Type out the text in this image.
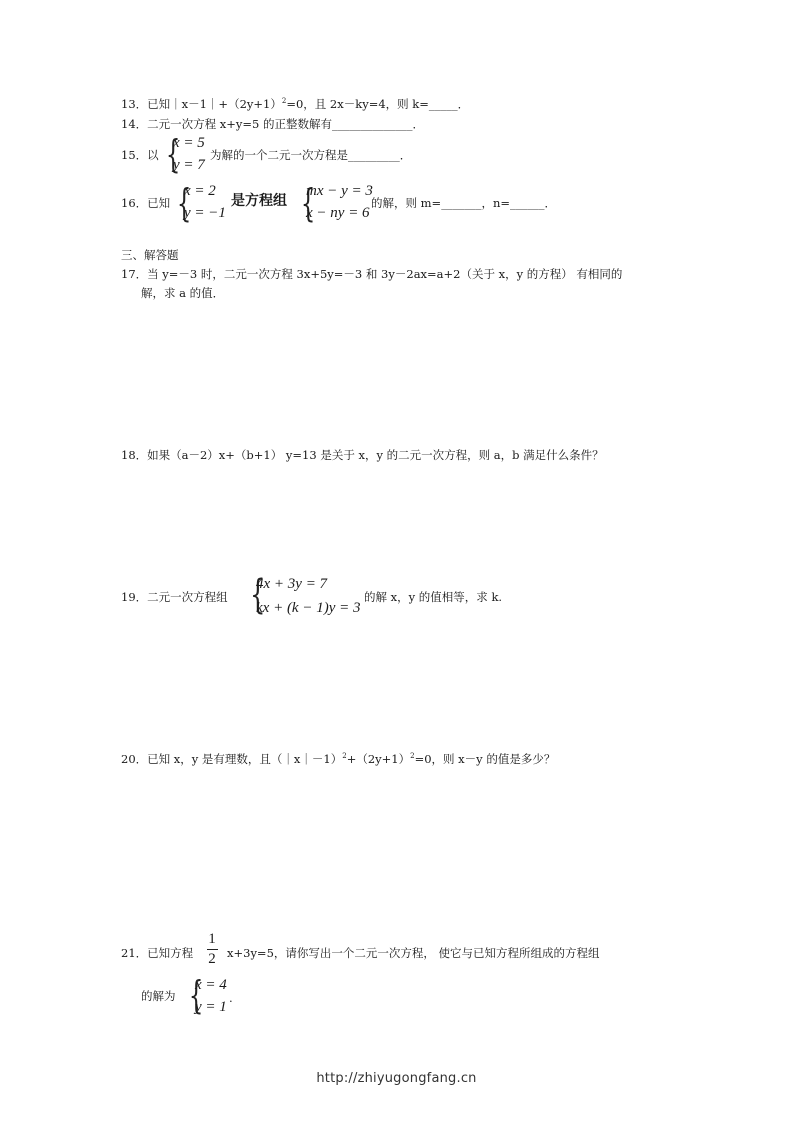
13．已知$|x-1|+(2y+1)^2=0$，且 2x－ky=4，则 k=_____．
14．二元一次方程 x+y=5 的正整数解有______________．
15．以 {
x = 5
y = 7
为解的一个二元一次方程是_________．
16．已知 {
x = 2
y = −1
是方程组 {
mx − y = 3
x − ny = 6
的解，则 m=_______，n=______．
三、解答题
17．当 y=－3 时，二元一次方程 3x+5y=－3 和 3y－2ax=a+2（关于 x，y 的方程） 有相同的
解，求 a 的值．
18．如果（a－2）x+（b+1） y=13 是关于 x，y 的二元一次方程，则 a，b 满足什么条件？
19．二元一次方程组 {
4x + 3y = 7
kx + (k − 1)y = 3
的解 x，y 的值相等，求 k.
20．已知 x，y 是有理数，且$(|x|-1)^2+(2y+1)^2=0$，则 x－y 的值是多少？
21．已知方程
1
2 x+3y=5，请你写出一个二元一次方程， 使它与已知方程所组成的方程组
的解为 {
x = 4
y = 1
.
http://zhiyugongfang.cn
